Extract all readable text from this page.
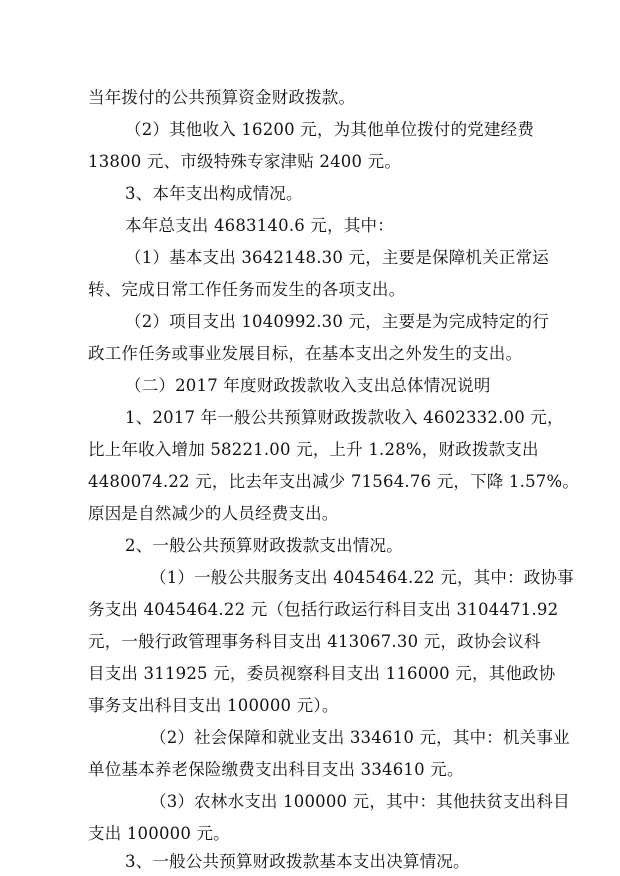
当年拨付的公共预算资金财政拨款。
（2）其他收入 16200 元，为其他单位拨付的党建经费
13800 元、市级特殊专家津贴 2400 元。
3、本年支出构成情况。
本年总支出 4683140.6 元，其中：
（1）基本支出 3642148.30 元，主要是保障机关正常运
转、完成日常工作任务而发生的各项支出。
（2）项目支出 1040992.30 元，主要是为完成特定的行
政工作任务或事业发展目标，在基本支出之外发生的支出。
（二）2017 年度财政拨款收入支出总体情况说明
1、2017 年一般公共预算财政拨款收入 4602332.00 元，
比上年收入增加 58221.00 元，上升 1.28%，财政拨款支出
4480074.22 元，比去年支出减少 71564.76 元，下降 1.57%。
原因是自然减少的人员经费支出。
2、一般公共预算财政拨款支出情况。
（1）一般公共服务支出 4045464.22 元，其中：政协事
务支出 4045464.22 元（包括行政运行科目支出 3104471.92
元，一般行政管理事务科目支出 413067.30 元，政协会议科
目支出 311925 元，委员视察科目支出 116000 元，其他政协
事务支出科目支出 100000 元）。
（2）社会保障和就业支出 334610 元，其中：机关事业
单位基本养老保险缴费支出科目支出 334610 元。
（3）农林水支出 100000 元，其中：其他扶贫支出科目
支出 100000 元。
3、一般公共预算财政拨款基本支出决算情况。
